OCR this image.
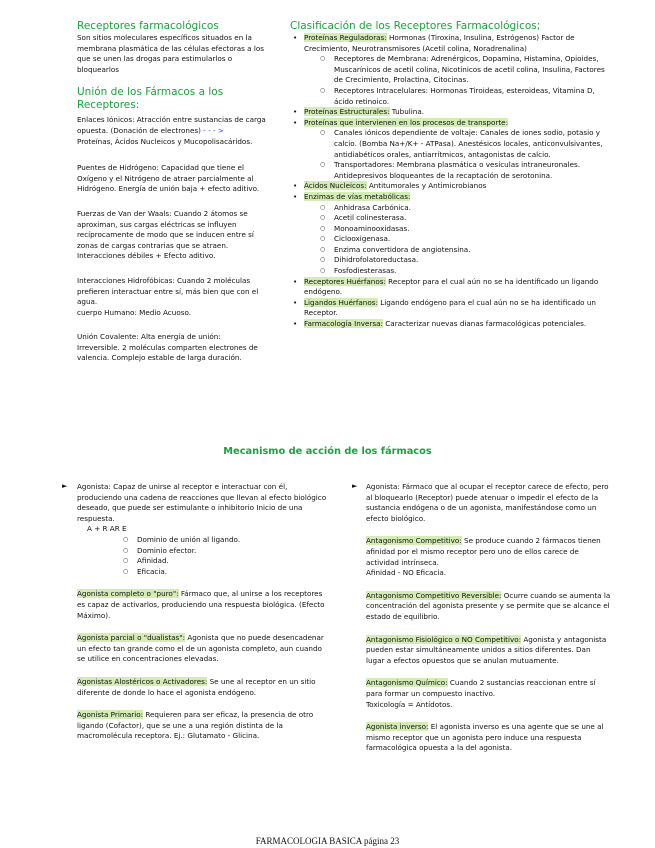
Receptores farmacológicos

Son sitios moleculares específicos situados en la membrana plasmática de las células efectoras a los que se unen las drogas para estimularlos o bloquearlos

Unión de los Fármacos a los Receptores:

Enlaces Iónicos: Atracción entre sustancias de carga opuesta. (Donación de electrones) - - - >

Proteínas, Ácidos Nucleicos y Mucopolisacáridos.

Puentes de Hidrógeno: Capacidad que tiene el Oxígeno y el Nitrógeno de atraer parcialmente al Hidrógeno. Energía de unión baja + efecto aditivo.

Fuerzas de Van der Waals: Cuando 2 átomos se aproximan, sus cargas eléctricas se influyen recíprocamente de modo que se inducen entre sí zonas de cargas contrarias que se atraen.

Interacciones débiles + Efecto aditivo.

Interacciones Hidrofóbicas: Cuando 2 moléculas prefieren interactuar entre sí, más bien que con el agua.

cuerpo Humano: Medio Acuoso.

Unión Covalente: Alta energía de unión:

Irreversible. 2 moléculas comparten electrones de valencia. Complejo estable de larga duración.

Clasificación de los Receptores Farmacológicos;
• Proteínas Reguladoras: Hormonas (Tiroxina, Insulina, Estrógenos) Factor de Crecimiento, Neurotransmisores (Acetil colina, Noradrenalina)
○ Receptores de Membrana: Adrenérgicos, Dopamina, Histamina, Opioides, Muscarínicos de acetil colina, Nicotínicos de acetil colina, Insulina, Factores de Crecimiento, Prolactina, Citocinas.
○ Receptores Intracelulares: Hormonas Tiroideas, esteroideas, Vitamina D, ácido retinoico.
• Proteínas Estructurales: Tubulina.
• Proteínas que intervienen en los procesos de transporte:
○ Canales iónicos dependiente de voltaje: Canales de iones sodio, potasio y calcio. (Bomba Na+/K+ - ATPasa). Anestésicos locales, anticonvulsivantes, antidiabéticos orales, antiarrítmicos, antagonistas de calcio.
○ Transportadores: Membrana plasmática o vesículas intraneuronales. Antidepresivos bloqueantes de la recaptación de serotonina.
• Ácidos Nucleicos: Antitumorales y Antimicrobianos
• Enzimas de vías metabólicas:
○ Anhidrasa Carbónica.
○ Acetil colinesterasa.
○ Monoaminooxidasas.
○ Ciclooxigenasa.
○ Enzima convertidora de angiotensina.
○ Dihidrofolatoreductasa.
○ Fosfodiesterasas.
• Receptores Huérfanos: Receptor para el cual aún no se ha identificado un ligando endógeno.
• Ligandos Huérfanos: Ligando endógeno para el cual aún no se ha identificado un Receptor.
• Farmacología Inversa: Caracterizar nuevas dianas farmacológicas potenciales.
Mecanismo de acción de los fármacos
► Agonista: Capaz de unirse al receptor e interactuar con él, produciendo una cadena de reacciones que llevan al efecto biológico deseado, que puede ser estimulante o inhibitorio Inicio de una respuesta.

A + R AR E

○ Dominio de unión al ligando.
○ Dominio efector.
○ Afinidad.
○ Eficacia.

Agonista completo o "puro": Fármaco que, al unirse a los receptores es capaz de activarlos, produciendo una respuesta biológica. (Efecto Máximo).

Agonista parcial o "dualistas": Agonista que no puede desencadenar un efecto tan grande como el de un agonista completo, aun cuando se utilice en concentraciones elevadas.

Agonistas Alostéricos o Activadores: Se une al receptor en un sitio diferente de donde lo hace el agonista endógeno.

Agonista Primario: Requieren para ser eficaz, la presencia de otro ligando (Cofactor), que se une a una región distinta de la macromolécula receptora. Ej.: Glutamato - Glicina.

► Agonista: Fármaco que al ocupar el receptor carece de efecto, pero al bloquearlo (Receptor) puede atenuar o impedir el efecto de la sustancia endógena o de un agonista, manifestándose como un efecto biológico.

Antagonismo Competitivo: Se produce cuando 2 fármacos tienen afinidad por el mismo receptor pero uno de ellos carece de actividad intrínseca.

Afinidad - NO Eficacia.

Antagonismo Competitivo Reversible: Ocurre cuando se aumenta la concentración del agonista presente y se permite que se alcance el estado de equilibrio.

Antagonismo Fisiológico o NO Competitivo: Agonista y antagonista pueden estar simultáneamente unidos a sitios diferentes. Dan lugar a efectos opuestos que se anulan mutuamente.

Antagonismo Químico: Cuando 2 sustancias reaccionan entre sí para formar un compuesto inactivo.

Toxicología = Antídotos.

Agonista inverso: El agonista inverso es una agente que se une al mismo receptor que un agonista pero induce una respuesta farmacológica opuesta a la del agonista.

FARMACOLOGIA BASICA página 23
